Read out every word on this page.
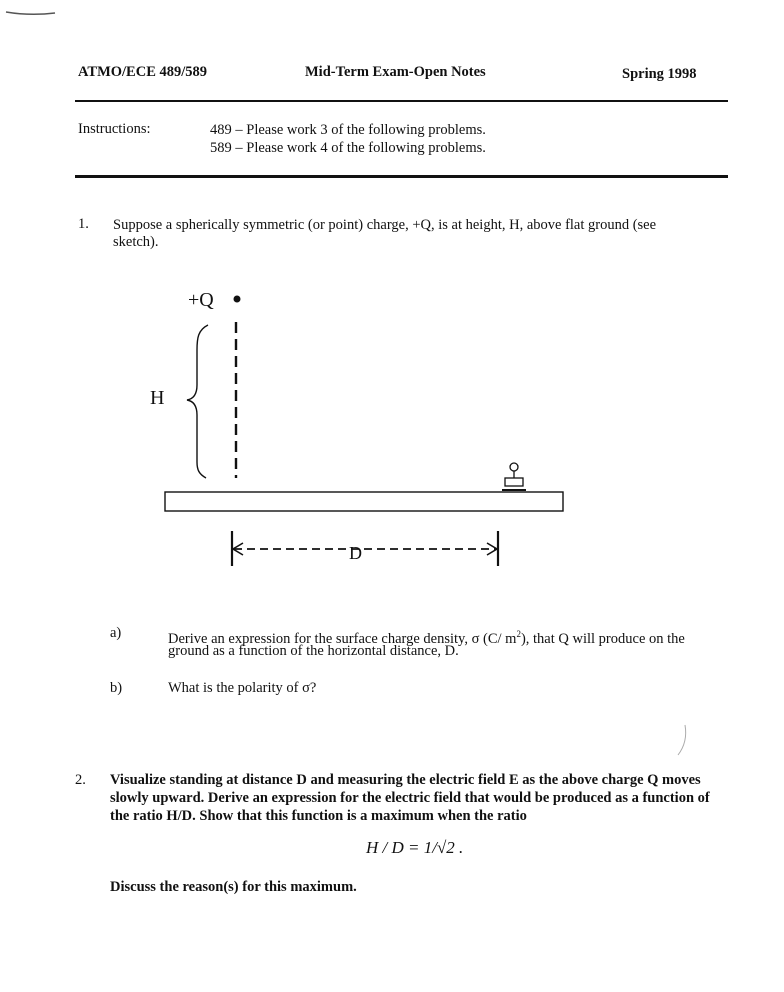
ATMO/ECE 489/589	Mid-Term Exam-Open Notes	Spring 1998
Instructions:	489 – Please work 3 of the following problems.
589 – Please work 4 of the following problems.
1. Suppose a spherically symmetric (or point) charge, +Q, is at height, H, above flat ground (see
sketch).
+Q
H
D
a)	Derive an expression for the surface charge density, σ (C/ $m^2$), that Q will produce on the
ground as a function of the horizontal distance, D.
b)	What is the polarity of σ?
2. Visualize standing at distance D and measuring the electric field E as the above charge Q moves
slowly upward. Derive an expression for the electric field that would be produced as a function of
the ratio H/D. Show that this function is a maximum when the ratio
H / D = 1/√2 .
Discuss the reason(s) for this maximum.
